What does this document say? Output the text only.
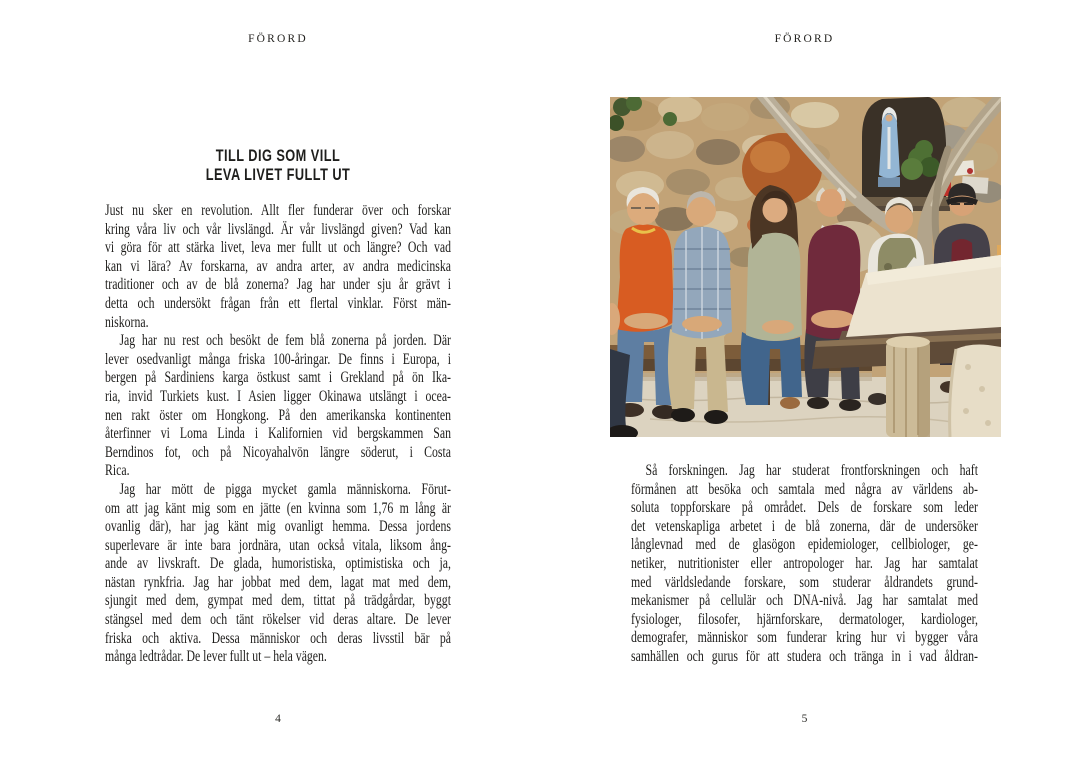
FÖRORD
TILL DIG SOM VILL
LEVA LIVET FULLT UT
Just nu sker en revolution. Allt fler funderar över och forskar
kring våra liv och vår livslängd. Är vår livslängd given? Vad kan
vi göra för att stärka livet, leva mer fullt ut och längre? Och vad
kan vi lära? Av forskarna, av andra arter, av andra medicinska
traditioner och av de blå zonerna? Jag har under sju år grävt i
detta och undersökt frågan från ett flertal vinklar. Först män-
niskorna.
Jag har nu rest och besökt de fem blå zonerna på jorden. Där
lever osedvanligt många friska 100-åringar. De finns i Europa, i
bergen på Sardiniens karga östkust samt i Grekland på ön Ika-
ria, invid Turkiets kust. I Asien ligger Okinawa utslängt i ocea-
nen rakt öster om Hongkong. På den amerikanska kontinenten
återfinner vi Loma Linda i Kalifornien vid bergskammen San
Berndinos fot, och på Nicoyahalvön längre söderut, i Costa
Rica.
Jag har mött de pigga mycket gamla människorna. Förut-
om att jag känt mig som en jätte (en kvinna som 1,76 m lång är
ovanlig där), har jag känt mig ovanligt hemma. Dessa jordens
superlevare är inte bara jordnära, utan också vitala, liksom ång-
ande av livskraft. De glada, humoristiska, optimistiska och ja,
nästan rynkfria. Jag har jobbat med dem, lagat mat med dem,
sjungit med dem, gympat med dem, tittat på trädgårdar, byggt
stängsel med dem och tänt rökelser vid deras altare. De lever
friska och aktiva. Dessa människor och deras livsstil bär på
många ledtrådar. De lever fullt ut – hela vägen.
4
FÖRORD
Så forskningen. Jag har studerat frontforskningen och haft
förmånen att besöka och samtala med några av världens ab-
soluta toppforskare på området. Dels de forskare som leder
det vetenskapliga arbetet i de blå zonerna, där de undersöker
långlevnad med de glasögon epidemiologer, cellbiologer, ge-
netiker, nutritionister eller antropologer har. Jag har samtalat
med världsledande forskare, som studerar åldrandets grund-
mekanismer på cellulär och DNA-nivå. Jag har samtalat med
fysiologer, filosofer, hjärnforskare, dermatologer, kardiologer,
demografer, människor som funderar kring hur vi bygger våra
samhällen och gurus för att studera och tränga in i vad åldran-
5
